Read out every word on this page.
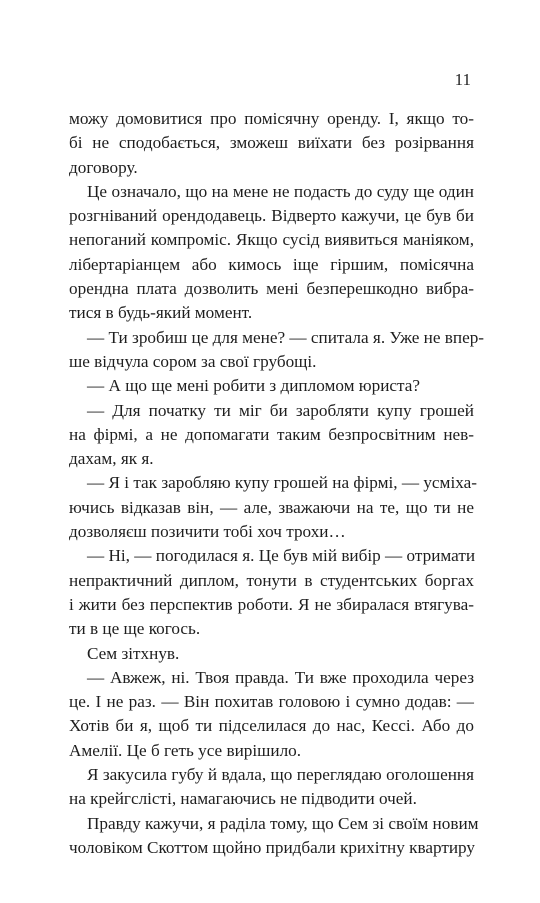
11
можу домовитися про помісячну оренду. І, якщо то-
бі не сподобається, зможеш виїхати без розірвання
договору.
Це означало, що на мене не подасть до суду ще один
розгніваний орендодавець. Відверто кажучи, це був би
непоганий компроміс. Якщо сусід виявиться маніяком,
лібертаріанцем або кимось іще гіршим, помісячна
орендна плата дозволить мені безперешкодно вибра-
тися в будь-який момент.
— Ти зробиш це для мене? — спитала я. Уже не впер-
ше відчула сором за свої грубощі.
— А що ще мені робити з дипломом юриста?
— Для початку ти міг би заробляти купу грошей
на фірмі, а не допомагати таким безпросвітним нев-
дахам, як я.
— Я і так заробляю купу грошей на фірмі, — усміха-
ючись відказав він, — але, зважаючи на те, що ти не
дозволяєш позичити тобі хоч трохи…
— Ні, — погодилася я. Це був мій вибір — отримати
непрактичний диплом, тонути в студентських боргах
і жити без перспектив роботи. Я не збиралася втягува-
ти в це ще когось.
Сем зітхнув.
— Авжеж, ні. Твоя правда. Ти вже проходила через
це. І не раз. — Він похитав головою і сумно додав: —
Хотів би я, щоб ти підселилася до нас, Кессі. Або до
Амелії. Це б геть усе вирішило.
Я закусила губу й вдала, що переглядаю оголошення
на крейгслісті, намагаючись не підводити очей.
Правду кажучи, я раділа тому, що Сем зі своїм новим
чоловіком Скоттом щойно придбали крихітну квартиру
